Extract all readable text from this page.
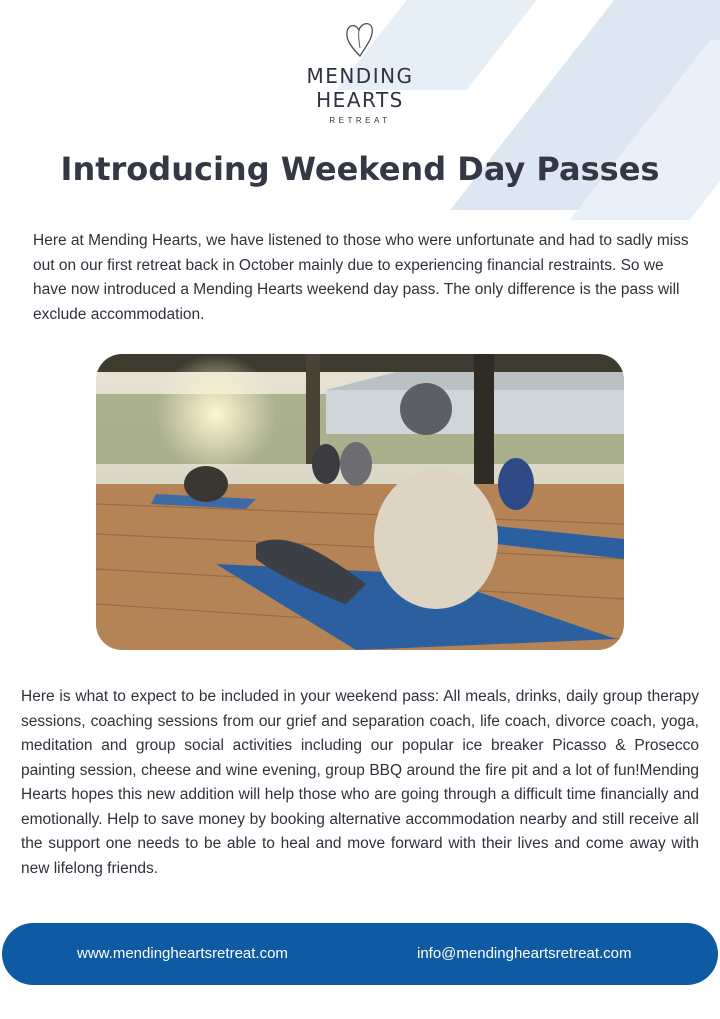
MENDING
HEARTS
RETREAT
Introducing Weekend Day Passes

Here at Mending Hearts, we have listened to those who were unfortunate and had to sadly miss out on our first retreat back in October mainly due to experiencing financial restraints. So we have now introduced a Mending Hearts weekend day pass. The only difference is the pass will exclude accommodation.

Here is what to expect to be included in your weekend pass: All meals, drinks, daily group therapy sessions, coaching sessions from our grief and separation coach, life coach, divorce coach, yoga, meditation and group social activities including our popular ice breaker Picasso & Prosecco painting session, cheese and wine evening, group BBQ around the fire pit and a lot of fun!Mending Hearts hopes this new addition will help those who are going through a difficult time financially and emotionally. Help to save money by booking alternative accommodation nearby and still receive all the support one needs to be able to heal and move forward with their lives and come away with new lifelong friends.

www.mendingheartsretreat.com	info@mendingheartsretreat.com
